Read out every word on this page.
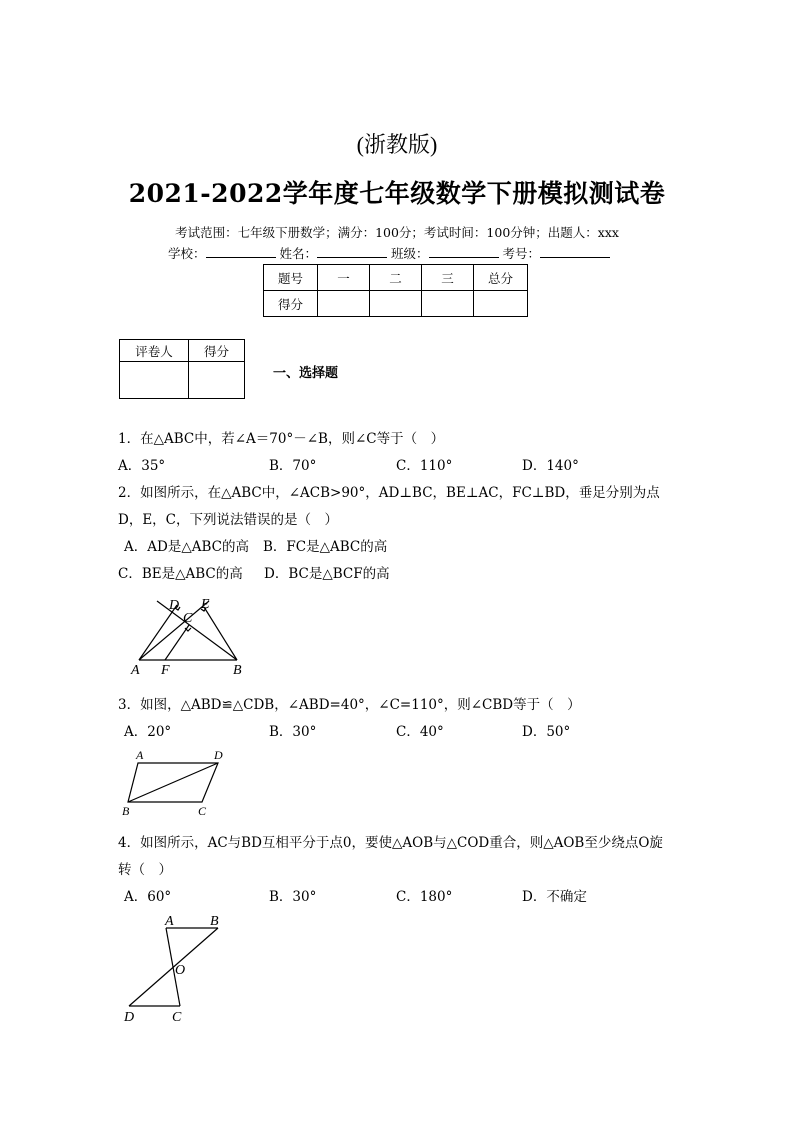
(浙教版)
2021-2022学年度七年级数学下册模拟测试卷
考试范围：七年级下册数学；满分：100分；考试时间：100分钟；出题人：xxx
学校：	姓名：	班级：	考号：
题号	一	二	三	总分
得分				
评卷人	得分

一、选择题
1．在△ABC中，若∠A＝70°－∠B，则∠C等于（　）
A．35°	B．70°	C．110°	D．140°
2．如图所示，在△ABC中，∠ACB>90°，AD⊥BC，BE⊥AC，FC⊥BD，垂足分别为点
D，E，C，下列说法错误的是（　）
A．AD是△ABC的高 B．FC是△ABC的高
C．BE是△ABC的高 D．BC是△BCF的高
D E
C
A F	B
3．如图，△ABD≌△CDB，∠ABD=40°，∠C=110°，则∠CBD等于（　）
A．20°	B．30°	C．40°	D．50°
A	D
B	C
4．如图所示，AC与BD互相平分于点0，要使△AOB与△COD重合，则△AOB至少绕点O旋
转（　）
A．60°	B．30°	C．180°	D．不确定
A	B
O
D	C
